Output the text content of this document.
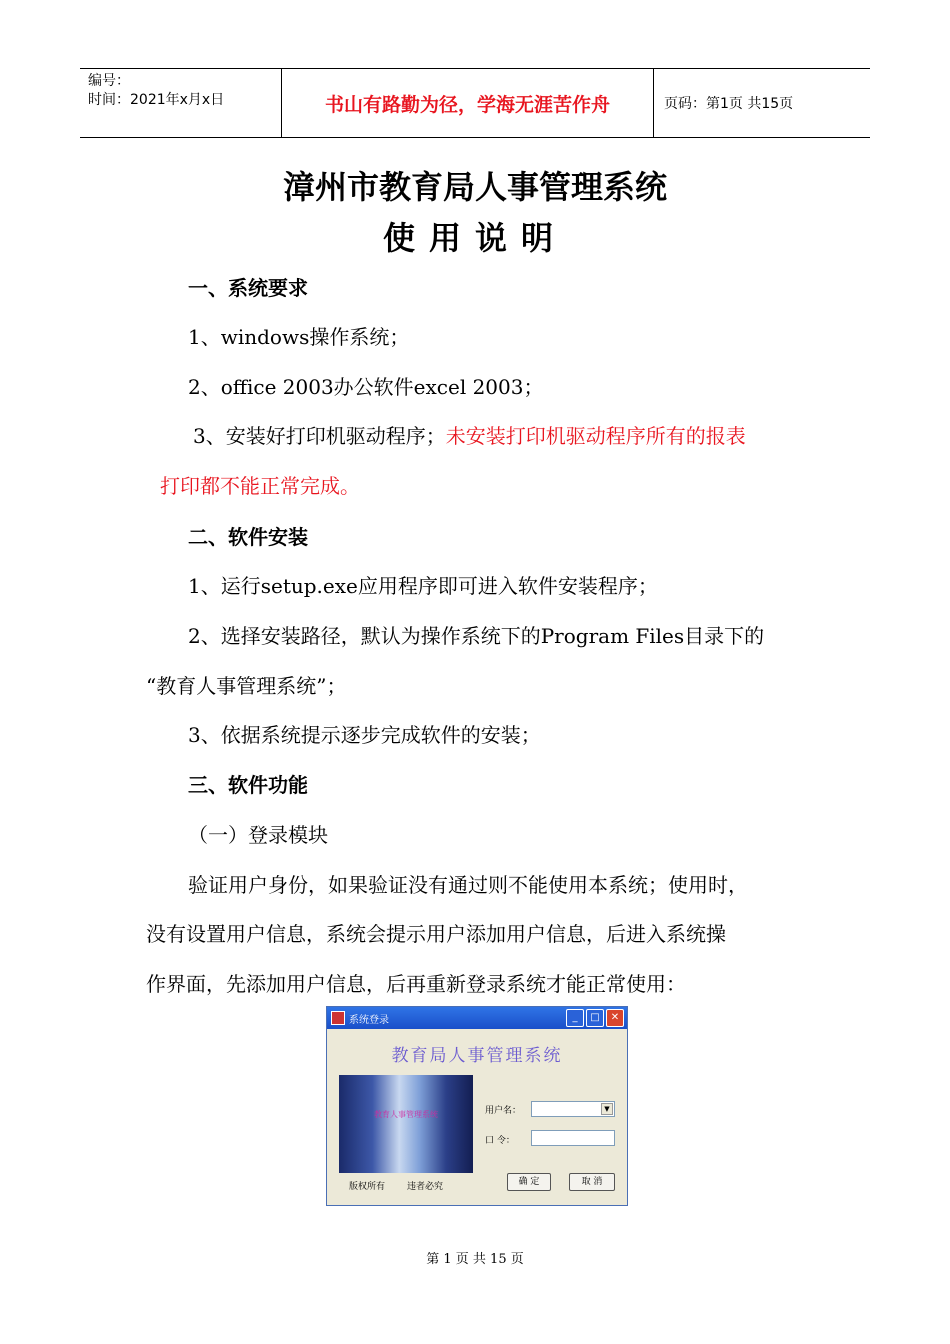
编号：
时间：2021年x月x日	书山有路勤为径，学海无涯苦作舟	页码：第1页 共15页
漳州市教育局人事管理系统
使用说明
一、系统要求
1、windows操作系统；
2、office 2003办公软件excel 2003；
3、安装好打印机驱动程序；未安装打印机驱动程序所有的报表
打印都不能正常完成。
二、软件安装
1、运行setup.exe应用程序即可进入软件安装程序；
2、选择安装路径，默认为操作系统下的Program Files目录下的
“教育人事管理系统”；
3、依据系统提示逐步完成软件的安装；
三、软件功能
（一）登录模块
验证用户身份，如果验证没有通过则不能使用本系统；使用时，
没有设置用户信息，系统会提示用户添加用户信息，后进入系统操
作界面，先添加用户信息，后再重新登录系统才能正常使用：
系统登录	_	□	✕
教育局人事管理系统
教育人事管理系统	用户名：	▼
口 令：
版权所有 违者必究	确 定	取 消
第 1 页 共 15 页
